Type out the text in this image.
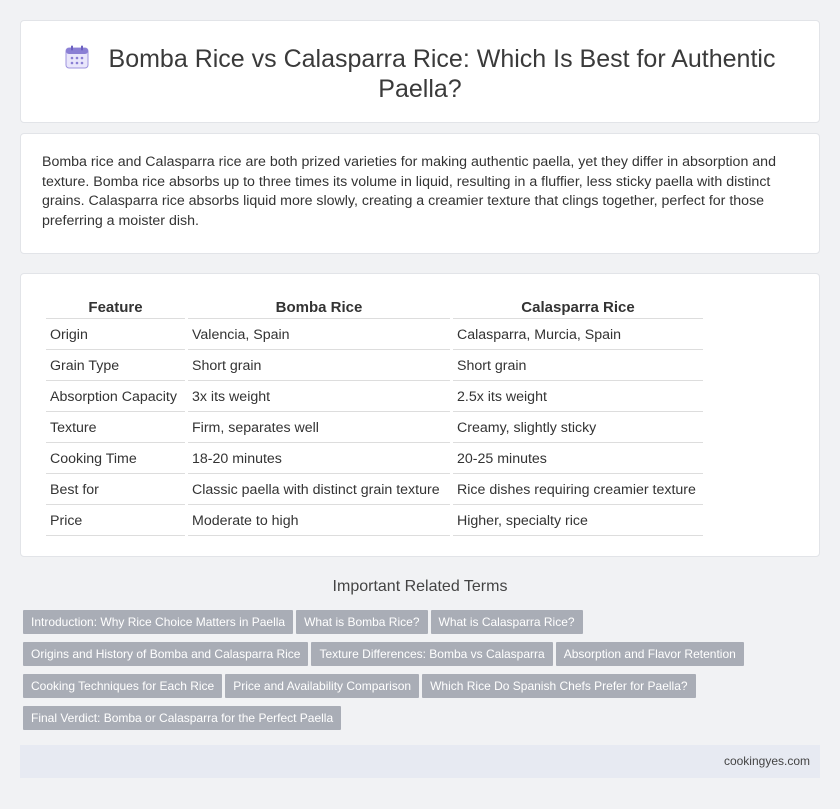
Bomba Rice vs Calasparra Rice: Which Is Best for Authentic Paella?

Bomba rice and Calasparra rice are both prized varieties for making authentic paella, yet they differ in absorption and texture. Bomba rice absorbs up to three times its volume in liquid, resulting in a fluffier, less sticky paella with distinct grains. Calasparra rice absorbs liquid more slowly, creating a creamier texture that clings together, perfect for those preferring a moister dish.

Feature	Bomba Rice	Calasparra Rice
Origin	Valencia, Spain	Calasparra, Murcia, Spain
Grain Type	Short grain	Short grain
Absorption Capacity	3x its weight	2.5x its weight
Texture	Firm, separates well	Creamy, slightly sticky
Cooking Time	18-20 minutes	20-25 minutes
Best for	Classic paella with distinct grain texture	Rice dishes requiring creamier texture
Price	Moderate to high	Higher, specialty rice
Important Related Terms
Introduction: Why Rice Choice Matters in Paella What is Bomba Rice? What is Calasparra Rice?
Origins and History of Bomba and Calasparra Rice Texture Differences: Bomba vs Calasparra Absorption and Flavor Retention
Cooking Techniques for Each Rice Price and Availability Comparison Which Rice Do Spanish Chefs Prefer for Paella?
Final Verdict: Bomba or Calasparra for the Perfect Paella
cookingyes.com
